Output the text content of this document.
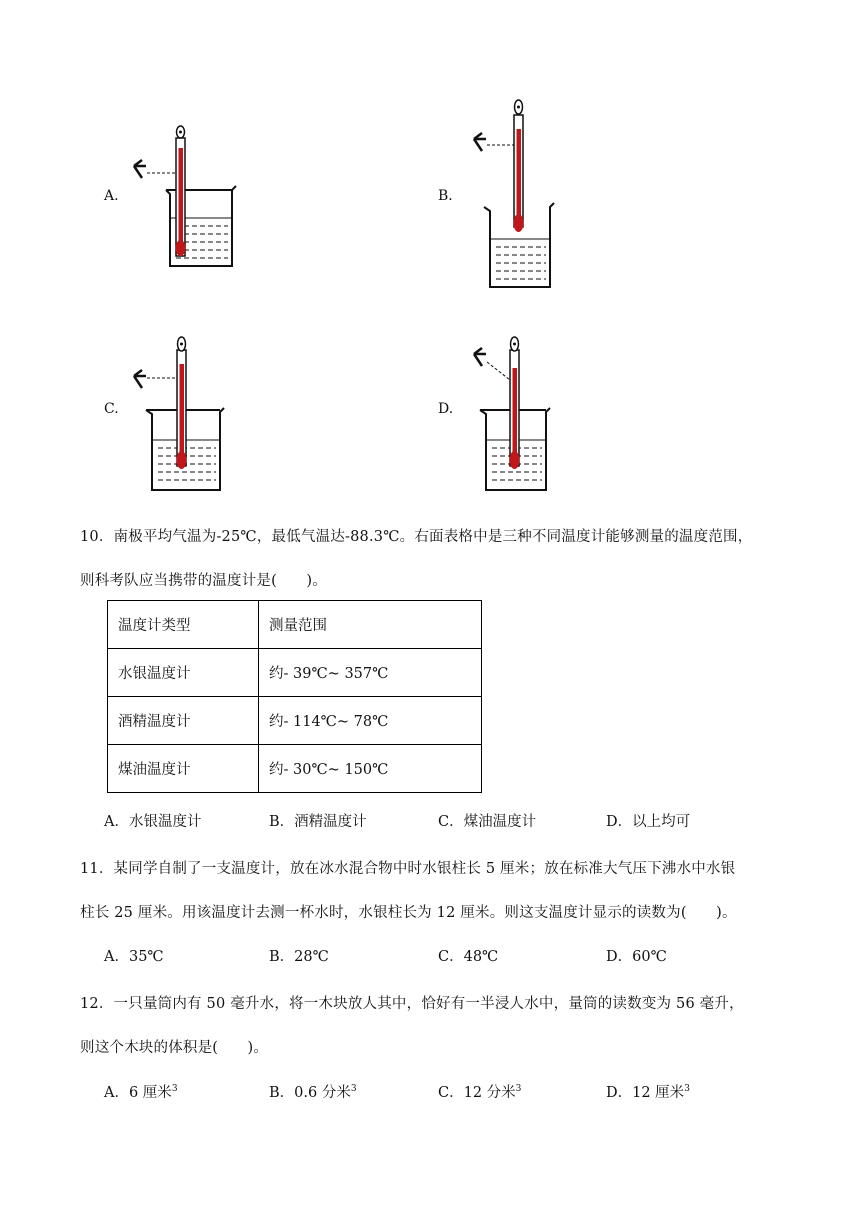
A.	B.
C.	D.
10．南极平均气温为-25℃，最低气温达-88.3℃。右面表格中是三种不同温度计能够测量的温度范围，
则科考队应当携带的温度计是(　　)。
温度计类型	测量范围
水银温度计	约- 39℃~ 357℃
酒精温度计	约- 114℃~ 78℃
煤油温度计	约- 30℃~ 150℃
A．水银温度计	B．酒精温度计	C．煤油温度计	D．以上均可
11．某同学自制了一支温度计，放在冰水混合物中时水银柱长 5 厘米；放在标准大气压下沸水中水银
柱长 25 厘米。用该温度计去测一杯水时，水银柱长为 12 厘米。则这支温度计显示的读数为(　　)。
A．35℃	B．28℃	C．48℃	D．60℃
12．一只量筒内有 50 毫升水，将一木块放人其中，恰好有一半浸人水中，量筒的读数变为 56 毫升，
则这个木块的体积是(　　)。
A．6 厘米$^3$	B．0.6 分米$^3$	C．12 分米$^3$	D．12 厘米$^3$
